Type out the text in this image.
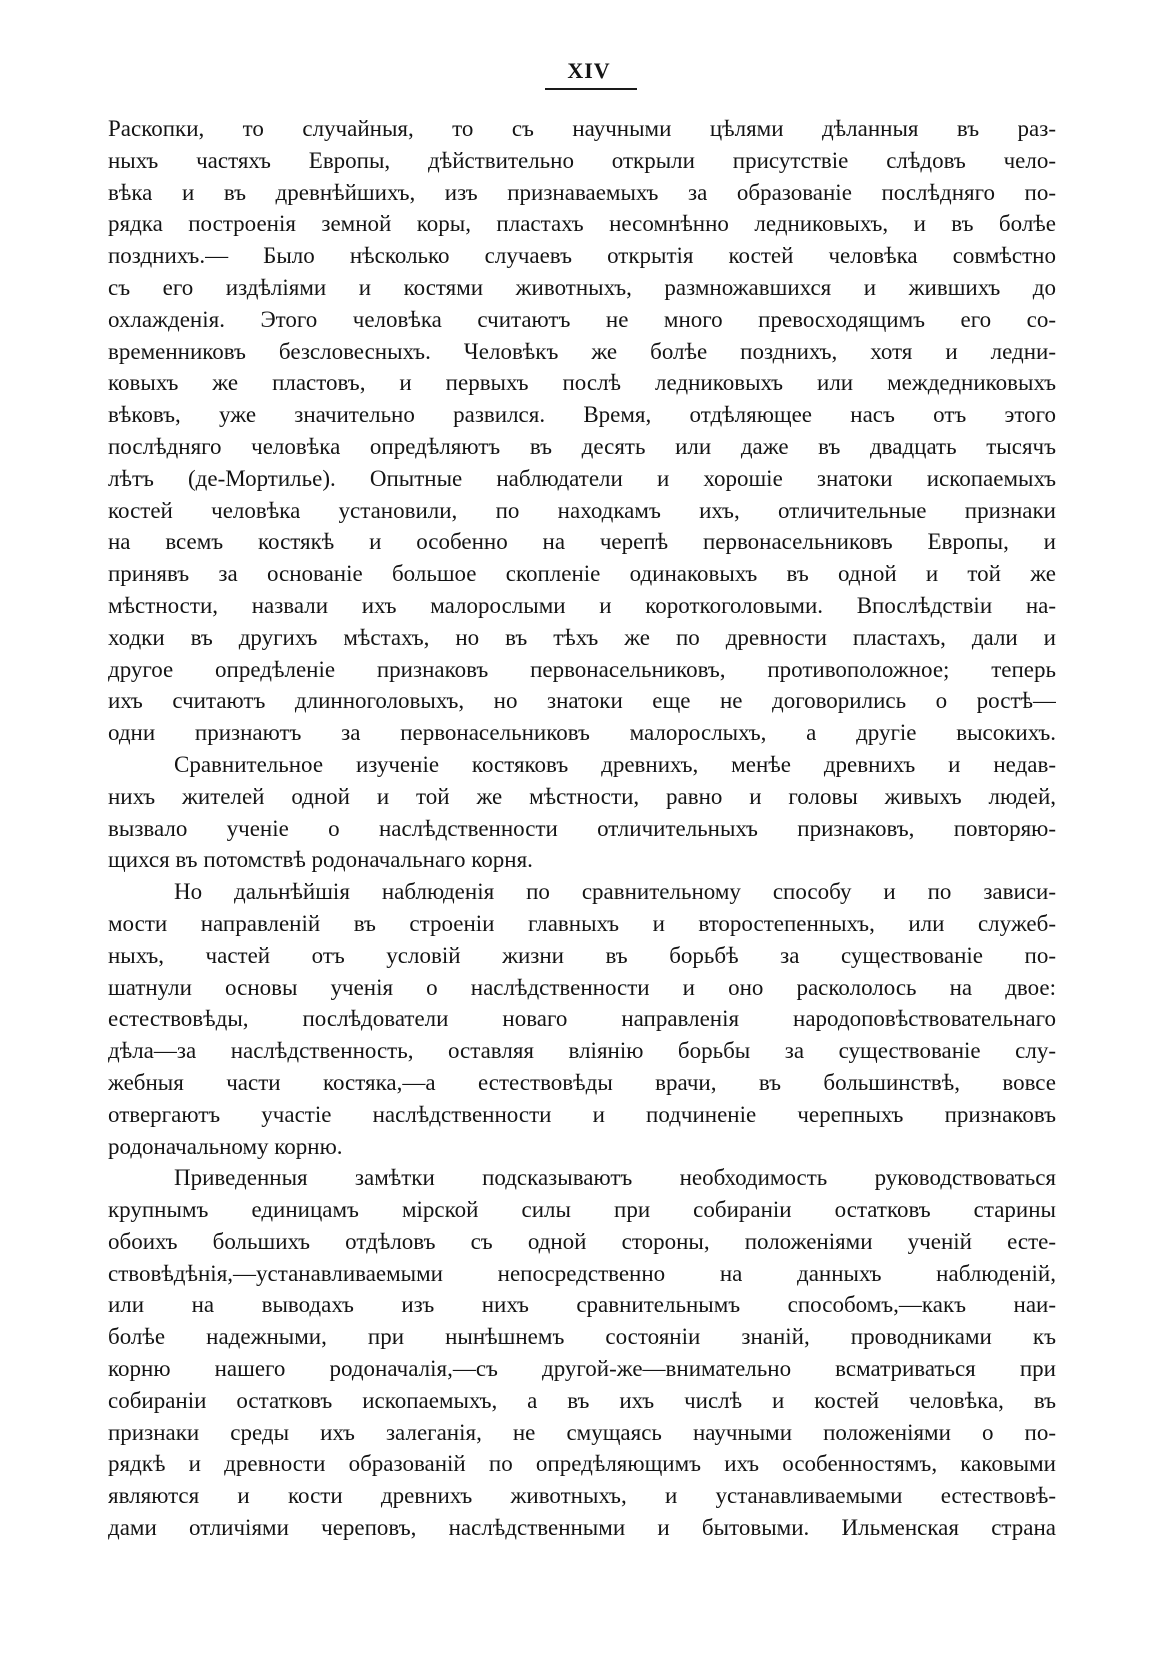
XIV
Раскопки, то случайныя, то съ научными цѣлями дѣланныя въ раз-
ныхъ частяхъ Европы, дѣйствительно открыли присутствіе слѣдовъ чело-
вѣка и въ древнѣйшихъ, изъ признаваемыхъ за образованіе послѣдняго по-
рядка построенія земной коры, пластахъ несомнѣнно ледниковыхъ, и въ болѣе
позднихъ.— Было нѣсколько случаевъ открытія костей человѣка совмѣстно
съ его издѣліями и костями животныхъ, размножавшихся и жившихъ до
охлажденія. Этого человѣка считаютъ не много превосходящимъ его со-
временниковъ безсловесныхъ. Человѣкъ же болѣе позднихъ, хотя и ледни-
ковыхъ же пластовъ, и первыхъ послѣ ледниковыхъ или междедниковыхъ
вѣковъ, уже значительно развился. Время, отдѣляющее насъ отъ этого
послѣдняго человѣка опредѣляютъ въ десять или даже въ двадцать тысячъ
лѣтъ (де-Мортилье). Опытные наблюдатели и хорошіе знатоки ископаемыхъ
костей человѣка установили, по находкамъ ихъ, отличительные признаки
на всемъ костякѣ и особенно на черепѣ первонасельниковъ Европы, и
принявъ за основаніе большое скопленіе одинаковыхъ въ одной и той же
мѣстности, назвали ихъ малорослыми и короткоголовыми. Впослѣдствіи на-
ходки въ другихъ мѣстахъ, но въ тѣхъ же по древности пластахъ, дали и
другое опредѣленіе признаковъ первонасельниковъ, противоположное; теперь
ихъ считаютъ длинноголовыхъ, но знатоки еще не договорились о ростѣ—
одни признаютъ за первонасельниковъ малорослыхъ, а другіе высокихъ.
Сравнительное изученіе костяковъ древнихъ, менѣе древнихъ и недав-
нихъ жителей одной и той же мѣстности, равно и головы живыхъ людей,
вызвало ученіе о наслѣдственности отличительныхъ признаковъ, повторяю-
щихся въ потомствѣ родоначальнаго корня.
Но дальнѣйшія наблюденія по сравнительному способу и по зависи-
мости направленій въ строеніи главныхъ и второстепенныхъ, или служеб-
ныхъ, частей отъ условій жизни въ борьбѣ за существованіе по-
шатнули основы ученія о наслѣдственности и оно раскололось на двое:
естествовѣды, послѣдователи новаго направленія народоповѣствовательнаго
дѣла—за наслѣдственность, оставляя вліянію борьбы за существованіе слу-
жебныя части костяка,—а естествовѣды врачи, въ большинствѣ, вовсе
отвергаютъ участіе наслѣдственности и подчиненіе черепныхъ признаковъ
родоначальному корню.
Приведенныя замѣтки подсказываютъ необходимость руководствоваться
крупнымъ единицамъ мірской силы при собираніи остатковъ старины
обоихъ большихъ отдѣловъ съ одной стороны, положеніями ученій есте-
ствовѣдѣнія,—устанавливаемыми непосредственно на данныхъ наблюденій,
или на выводахъ изъ нихъ сравнительнымъ способомъ,—какъ наи-
болѣе надежными, при нынѣшнемъ состояніи знаній, проводниками къ
корню нашего родоначалія,—съ другой-же—внимательно всматриваться при
собираніи остатковъ ископаемыхъ, а въ ихъ числѣ и костей человѣка, въ
признаки среды ихъ залеганія, не смущаясь научными положеніями о по-
рядкѣ и древности образованій по опредѣляющимъ ихъ особенностямъ, каковыми
являются и кости древнихъ животныхъ, и устанавливаемыми естествовѣ-
дами отличіями череповъ, наслѣдственными и бытовыми. Ильменская страна
